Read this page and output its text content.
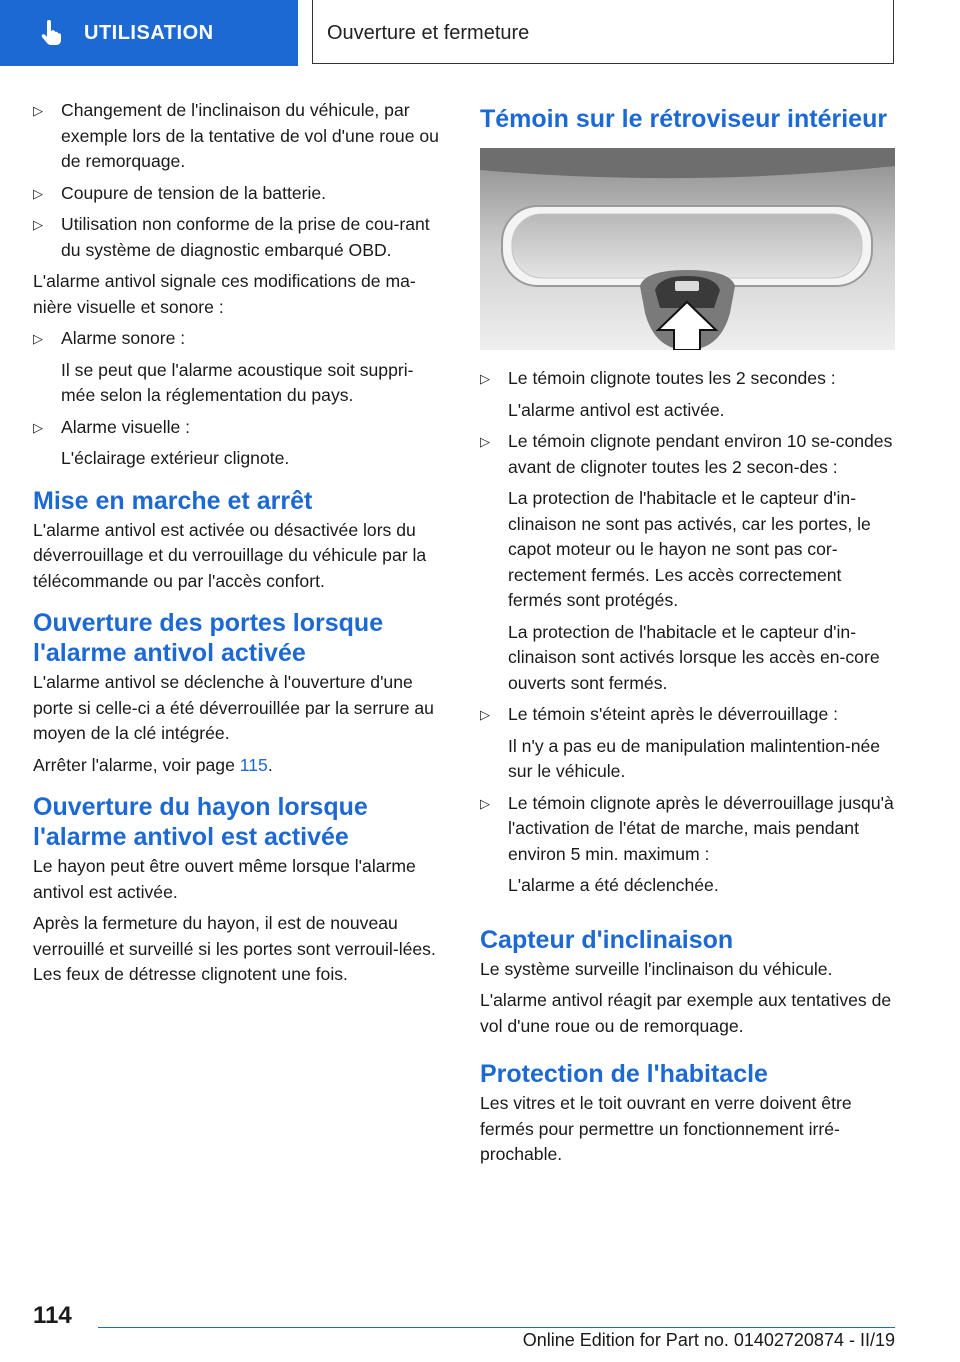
UTILISATION	Ouverture et fermeture
▷ Changement de l'inclinaison du véhicule, par exemple lors de la tentative de vol d'une roue ou de remorquage.
▷ Coupure de tension de la batterie.
▷ Utilisation non conforme de la prise de cou-rant du système de diagnostic embarqué OBD.

L'alarme antivol signale ces modifications de ma-nière visuelle et sonore :

▷ Alarme sonore :
Il se peut que l'alarme acoustique soit suppri-mée selon la réglementation du pays.
▷ Alarme visuelle :
L'éclairage extérieur clignote.
Mise en marche et arrêt

L'alarme antivol est activée ou désactivée lors du déverrouillage et du verrouillage du véhicule par la télécommande ou par l'accès confort.

Ouverture des portes lorsque l'alarme antivol activée

L'alarme antivol se déclenche à l'ouverture d'une porte si celle-ci a été déverrouillée par la serrure au moyen de la clé intégrée.

Arrêter l'alarme, voir page 115.

Ouverture du hayon lorsque l'alarme antivol est activée

Le hayon peut être ouvert même lorsque l'alarme antivol est activée.

Après la fermeture du hayon, il est de nouveau verrouillé et surveillé si les portes sont verrouil-lées. Les feux de détresse clignotent une fois.

Témoin sur le rétroviseur intérieur
▷ Le témoin clignote toutes les 2 secondes :
L'alarme antivol est activée.
▷ Le témoin clignote pendant environ 10 se-condes avant de clignoter toutes les 2 secon-des :
La protection de l'habitacle et le capteur d'in-clinaison ne sont pas activés, car les portes, le capot moteur ou le hayon ne sont pas cor-rectement fermés. Les accès correctement fermés sont protégés.
La protection de l'habitacle et le capteur d'in-clinaison sont activés lorsque les accès en-core ouverts sont fermés.
▷ Le témoin s'éteint après le déverrouillage :
Il n'y a pas eu de manipulation malintention-née sur le véhicule.
▷ Le témoin clignote après le déverrouillage jusqu'à l'activation de l'état de marche, mais pendant environ 5 min. maximum :
L'alarme a été déclenchée.
Capteur d'inclinaison

Le système surveille l'inclinaison du véhicule.

L'alarme antivol réagit par exemple aux tentatives de vol d'une roue ou de remorquage.

Protection de l'habitacle

Les vitres et le toit ouvrant en verre doivent être fermés pour permettre un fonctionnement irré-prochable.

114
Online Edition for Part no. 01402720874 - II/19
